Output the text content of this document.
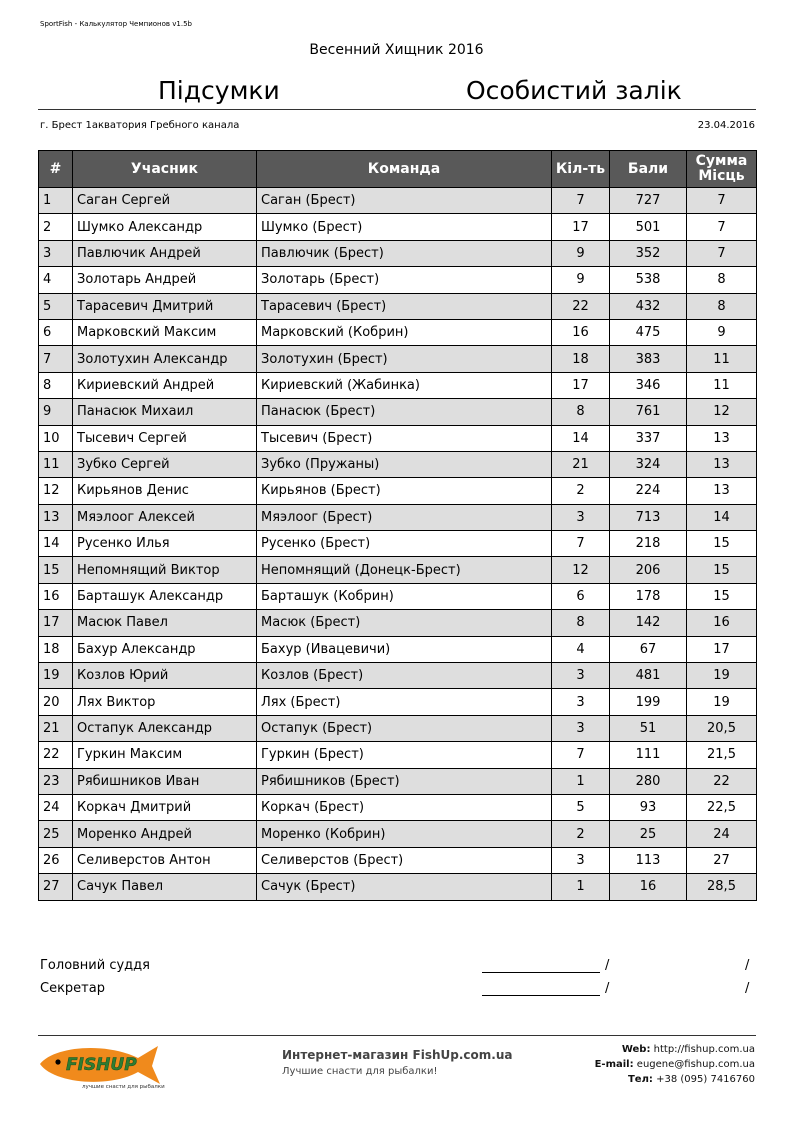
SportFish - Калькулятор Чемпионов v1.5b
Весенний Хищник 2016
Підсумки	Особистий залік
г. Брест 1акватория Гребного канала	23.04.2016
#	Учасник	Команда	Кіл-ть	Бали	Сумма
Місць
1	Саган Сергей	Саган (Брест)	7	727	7
2	Шумко Александр	Шумко (Брест)	17	501	7
3	Павлючик Андрей	Павлючик (Брест)	9	352	7
4	Золотарь Андрей	Золотарь (Брест)	9	538	8
5	Тарасевич Дмитрий	Тарасевич (Брест)	22	432	8
6	Марковский Максим	Марковский (Кобрин)	16	475	9
7	Золотухин Александр	Золотухин (Брест)	18	383	11
8	Кириевский Андрей	Кириевский (Жабинка)	17	346	11
9	Панасюк Михаил	Панасюк (Брест)	8	761	12
10	Тысевич Сергей	Тысевич (Брест)	14	337	13
11	Зубко Сергей	Зубко (Пружаны)	21	324	13
12	Кирьянов Денис	Кирьянов (Брест)	2	224	13
13	Мяэлоог Алексей	Мяэлоог (Брест)	3	713	14
14	Русенко Илья	Русенко (Брест)	7	218	15
15	Непомнящий Виктор	Непомнящий (Донецк-Брест)	12	206	15
16	Барташук Александр	Барташук (Кобрин)	6	178	15
17	Масюк Павел	Масюк (Брест)	8	142	16
18	Бахур Александр	Бахур (Ивацевичи)	4	67	17
19	Козлов Юрий	Козлов (Брест)	3	481	19
20	Лях Виктор	Лях (Брест)	3	199	19
21	Остапук Александр	Остапук (Брест)	3	51	20,5
22	Гуркин Максим	Гуркин (Брест)	7	111	21,5
23	Рябишников Иван	Рябишников (Брест)	1	280	22
24	Коркач Дмитрий	Коркач (Брест)	5	93	22,5
25	Моренко Андрей	Моренко (Кобрин)	2	25	24
26	Селиверстов Антон	Селиверстов (Брест)	3	113	27
27	Сачук Павел	Сачук (Брест)	1	16	28,5
Головний суддя	/	/
Секретар	/	/
FISHUP
лучшие снасти для рыбалки
Интернет-магазин FishUp.com.ua
Лучшие снасти для рыбалки!
Web: http://fishup.com.ua
E-mail: eugene@fishup.com.ua
Тел: +38 (095) 7416760
